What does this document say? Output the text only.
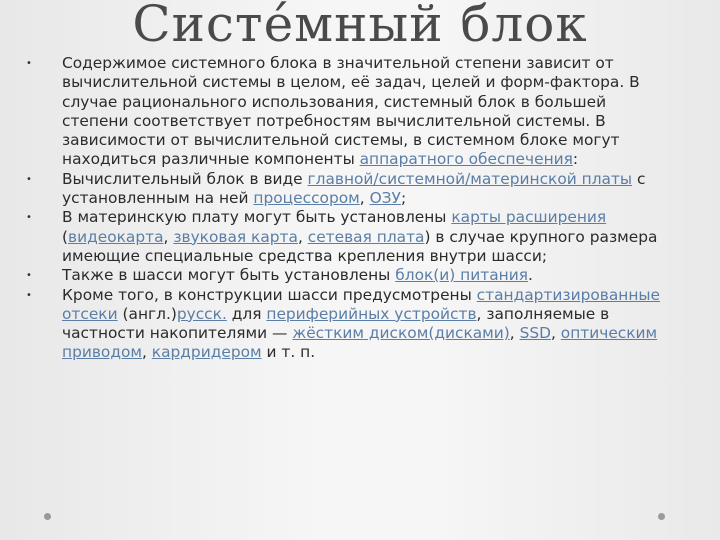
Систе́мный блок
•	Содержимое системного блока в значительной степени зависит от вычислительной системы в целом, её задач, целей и форм-фактора. В случае рационального использования, системный блок в большей степени соответствует потребностям вычислительной системы. В зависимости от вычислительной системы, в системном блоке могут находиться различные компоненты аппаратного обеспечения:
•	Вычислительный блок в виде главной/системной/материнской платы с установленным на ней процессором, ОЗУ;
•	В материнскую плату могут быть установлены карты расширения (видеокарта, звуковая карта, сетевая плата) в случае крупного размера имеющие специальные средства крепления внутри шасси;
•	Также в шасси могут быть установлены блок(и) питания.
•	Кроме того, в конструкции шасси предусмотрены стандартизированные отсеки (англ.)русск. для периферийных устройств, заполняемые в частности накопителями — жёстким диском(дисками), SSD, оптическим приводом, кардридером и т. п.
